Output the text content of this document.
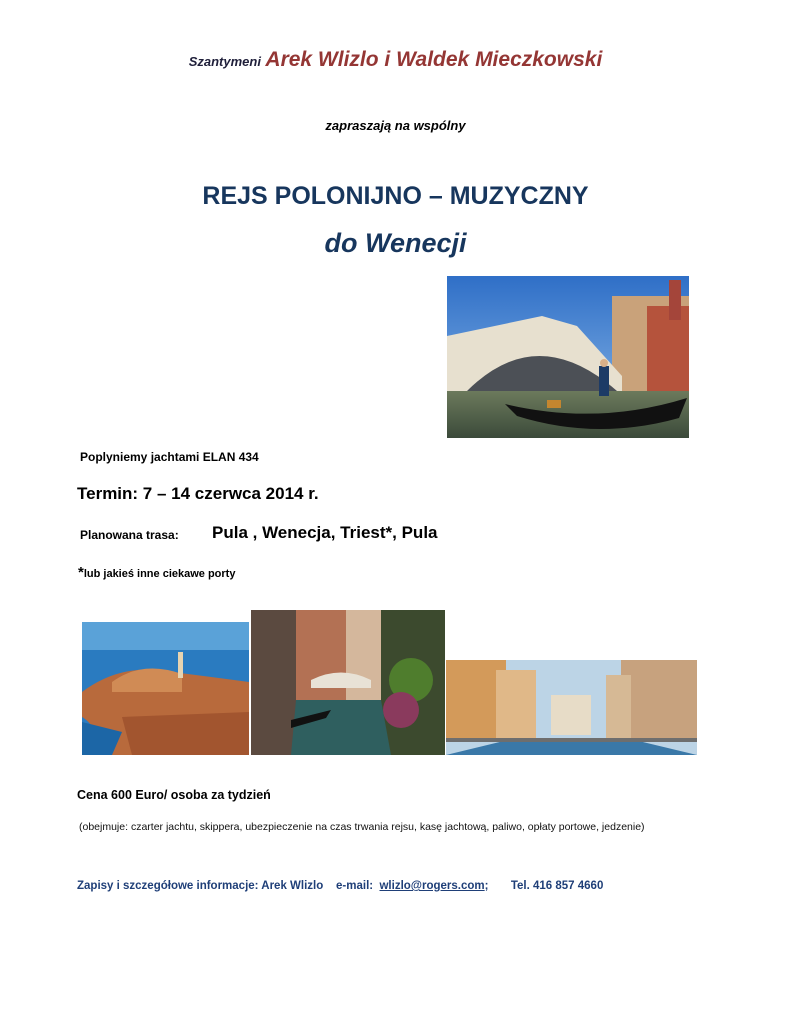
Szantymeni Arek Wlizlo i Waldek Mieczkowski
zapraszają na wspólny
REJS POLONIJNO – MUZYCZNY
do Wenecji
Poplyniemy jachtami ELAN 434
Termin: 7 – 14 czerwca 2014 r.
Planowana trasa: Pula , Wenecja, Triest*, Pula
*lub jakieś inne ciekawe porty
Cena 600 Euro/ osoba za tydzień
(obejmuje: czarter jachtu, skippera, ubezpieczenie na czas trwania rejsu, kasę jachtową, paliwo, opłaty portowe, jedzenie)
Zapisy i szczegółowe informacje: Arek Wlizlo    e-mail:  wlizlo@rogers.com;       Tel. 416 857 4660
